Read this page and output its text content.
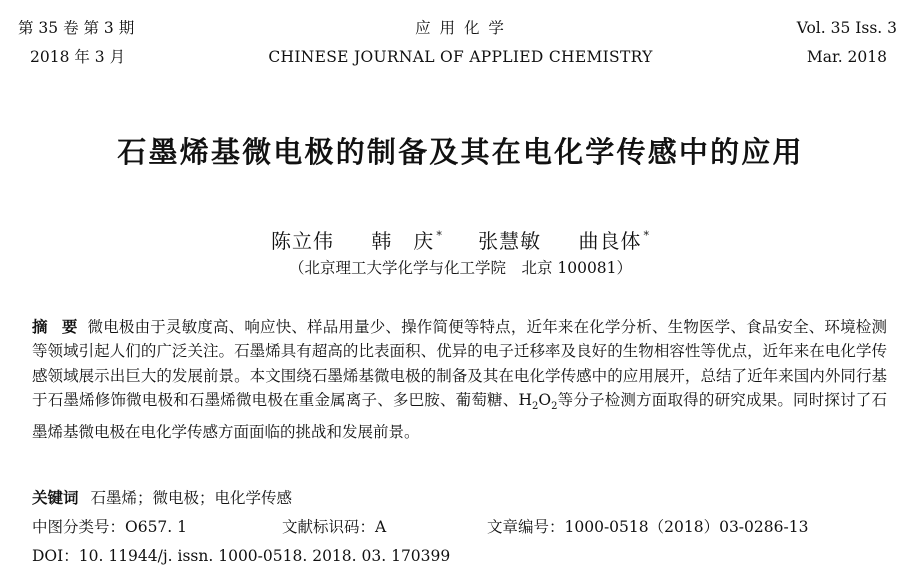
第 35 卷 第 3 期
2018 年 3 月
应 用 化 学
CHINESE JOURNAL OF APPLIED CHEMISTRY
Vol. 35 Iss. 3
Mar. 2018
石墨烯基微电极的制备及其在电化学传感中的应用
陈立伟 韩　庆 * 张慧敏 曲良体 *
（北京理工大学化学与化工学院　北京 100081）
摘 要 微电极由于灵敏度高、响应快、样品用量少、操作简便等特点，近年来在化学分析、生物医学、食品安全、环境检测等领域引起人们的广泛关注。石墨烯具有超高的比表面积、优异的电子迁移率及良好的生物相容性等优点，近年来在电化学传感领域展示出巨大的发展前景。本文围绕石墨烯基微电极的制备及其在电化学传感中的应用展开，总结了近年来国内外同行基于石墨烯修饰微电极和石墨烯微电极在重金属离子、多巴胺、葡萄糖、$H_2O_2$等分子检测方面取得的研究成果。同时探讨了石墨烯基微电极在电化学传感方面面临的挑战和发展前景。
关键词 石墨烯；微电极；电化学传感
中图分类号：O657. 1	文献标识码：A	文章编号：1000-0518（2018）03-0286-13
DOI：10. 11944/j. issn. 1000-0518. 2018. 03. 170399
